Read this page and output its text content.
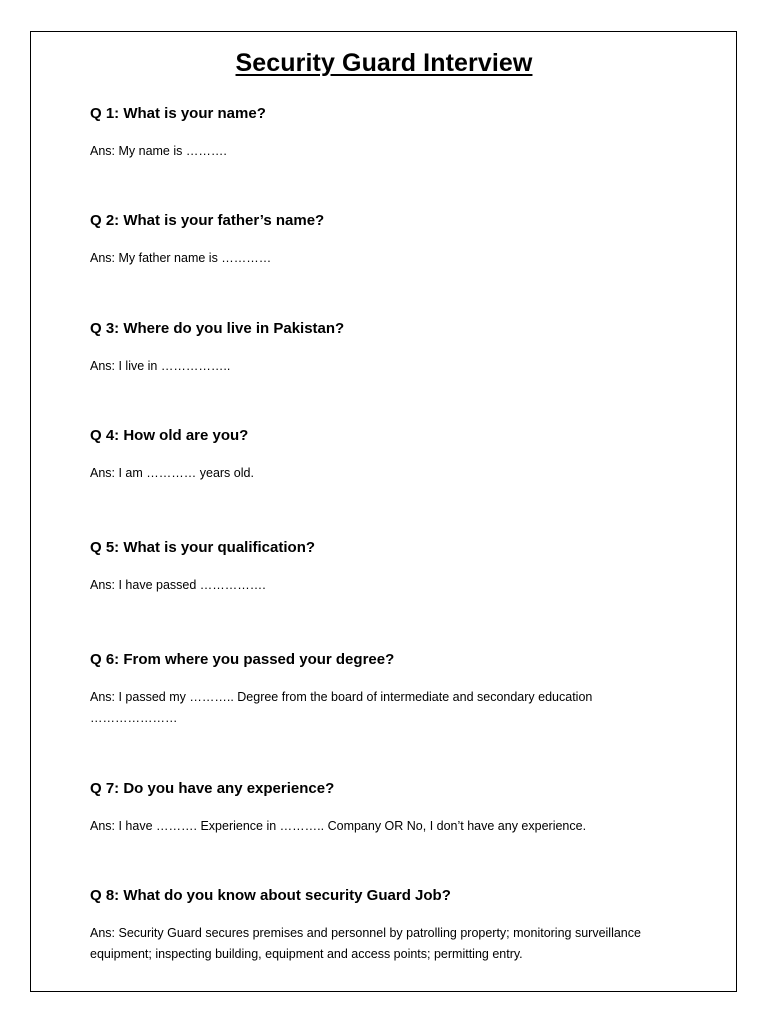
Security Guard Interview

Q 1: What is your name?

Ans: My name is ……….

Q 2: What is your father’s name?

Ans: My father name is …………

Q 3: Where do you live in Pakistan?

Ans: I live in ……………..

Q 4: How old are you?

Ans: I am ………… years old.

Q 5: What is your qualification?

Ans: I have passed …………….

Q 6: From where you passed your degree?

Ans: I passed my ……….. Degree from the board of intermediate and secondary education …………………

Q 7: Do you have any experience?

Ans: I have ………. Experience in ……….. Company OR No, I don’t have any experience.

Q 8: What do you know about security Guard Job?

Ans: Security Guard secures premises and personnel by patrolling property; monitoring surveillance equipment; inspecting building, equipment and access points; permitting entry.
